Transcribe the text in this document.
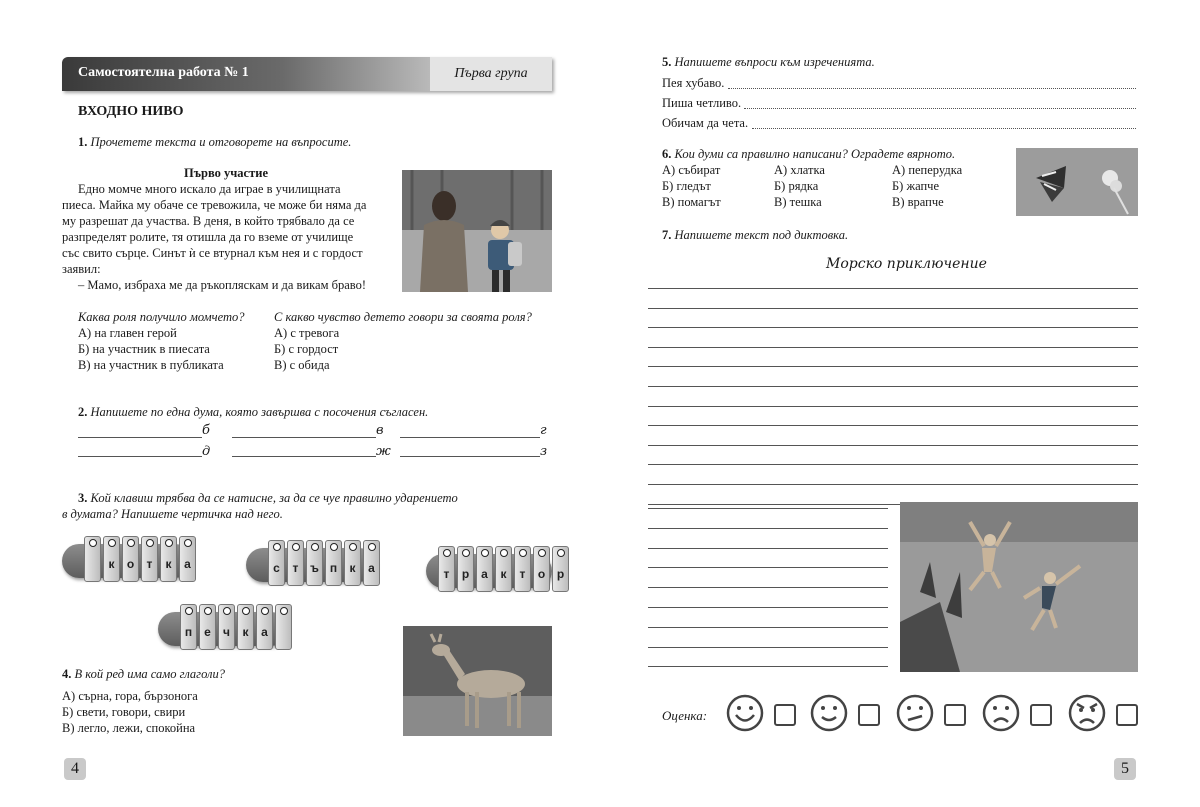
Самостоятелна работа № 1	Първа група
ВХОДНО НИВО
1. Прочетете текста и отговорете на въпросите.
Първо участие
Едно момче много искало да играе в училищната
пиеса. Майка му обаче се тревожила, че може би няма да
му разрешат да участва. В деня, в който трябвало да се
разпределят ролите, тя отишла да го вземе от училище
със свито сърце. Синът ѝ се втурнал към нея и с гордост
заявил:
– Мамо, избраха ме да ръкопляскам и да викам браво!
Каква роля получило момчето?
А) на главен герой
Б) на участник в пиесата
В) на участник в публиката
С какво чувство детето говори за своята роля?
А) с тревога
Б) с гордост
В) с обида
2. Напишете по една дума, която завършва с посочения съгласен.
б	в	г
д	ж	з
3. Кой клавиш трябва да се натисне, за да се чуе правилно ударението
в думата? Напишете чертичка над него.
к о т к а	с т ъ п к а	т р а к т о р
п е ч к а
4. В кой ред има само глаголи?
А) сърна, гора, бързонога
Б) свети, говори, свири
В) легло, лежи, спокойна
4
5. Напишете въпроси към изреченията.
Пея хубаво.
Пиша четливо.
Обичам да чета.
6. Кои думи са правилно написани? Оградете вярното.
А) събират
Б) гледът
В) помагът
А) хлатка
Б) рядка
В) тешка
А) пеперудка
Б) жапче
В) врапче
7. Напишете текст под диктовка.
Морско приключение
Оценка:
5
